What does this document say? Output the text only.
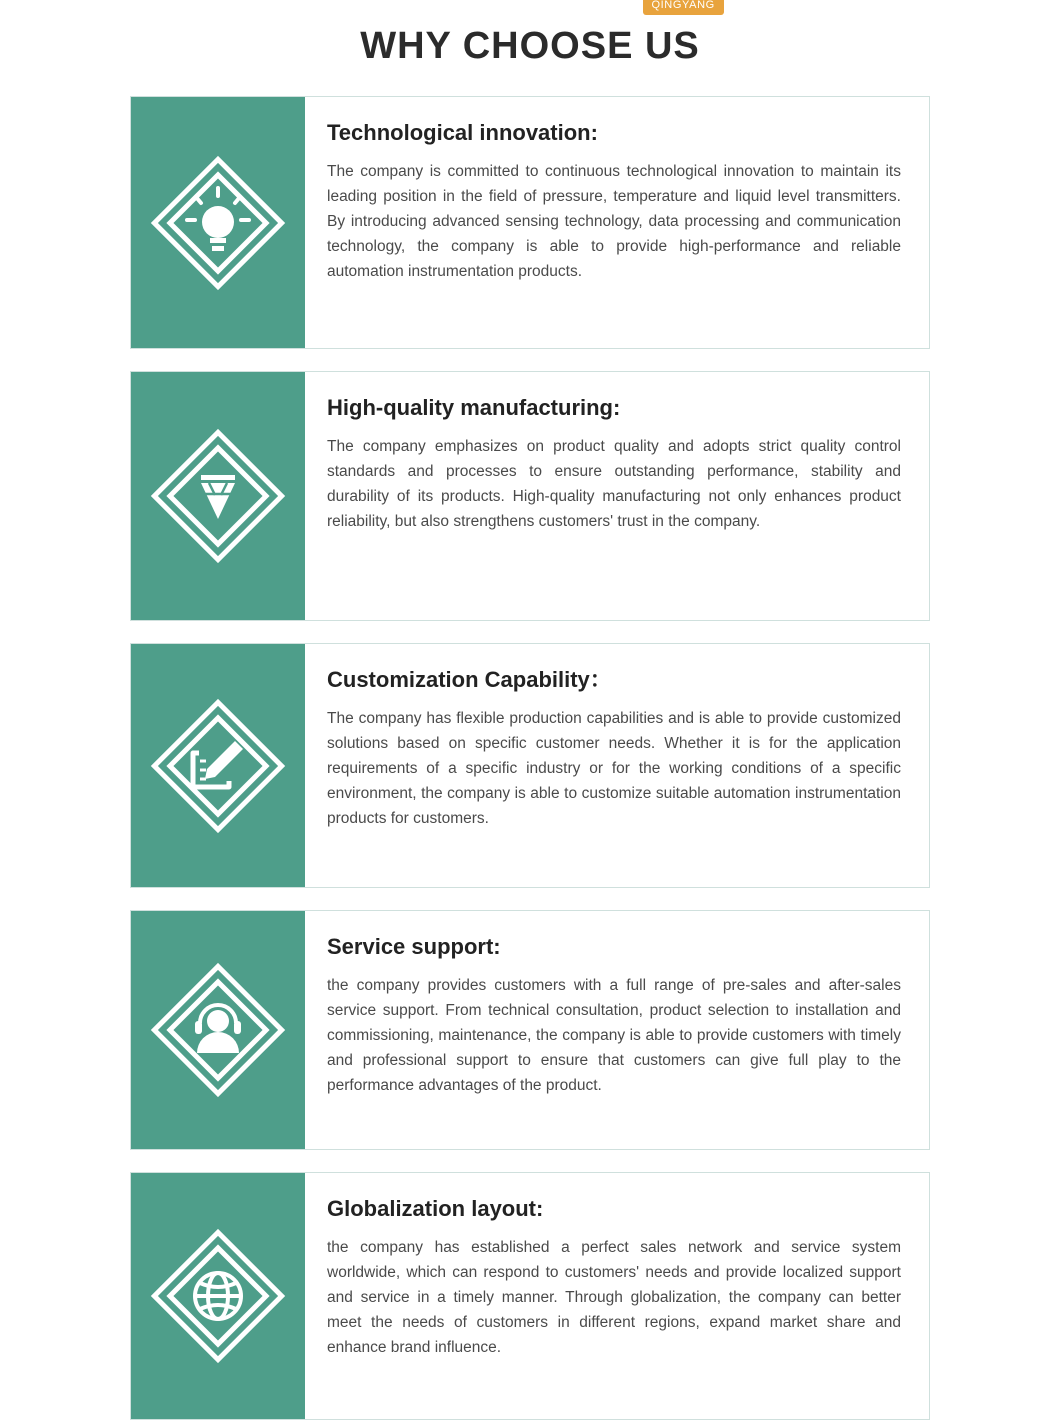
WHY CHOOSE US
QINGYANG
Technological innovation:

The company is committed to continuous technological innovation to maintain its leading position in the field of pressure, temperature and liquid level transmitters. By introducing advanced sensing technology, data processing and communication technology, the company is able to provide high-performance and reliable automation instrumentation products.

High-quality manufacturing:

The company emphasizes on product quality and adopts strict quality control standards and processes to ensure outstanding performance, stability and durability of its products. High-quality manufacturing not only enhances product reliability, but also strengthens customers' trust in the company.

Customization Capability：

The company has flexible production capabilities and is able to provide customized solutions based on specific customer needs. Whether it is for the application requirements of a specific industry or for the working conditions of a specific environment, the company is able to customize suitable automation instrumentation products for customers.

Service support:

the company provides customers with a full range of pre-sales and after-sales service support. From technical consultation, product selection to installation and commissioning, maintenance, the company is able to provide customers with timely and professional support to ensure that customers can give full play to the performance advantages of the product.

Globalization layout:

the company has established a perfect sales network and service system worldwide, which can respond to customers' needs and provide localized support and service in a timely manner. Through globalization, the company can better meet the needs of customers in different regions, expand market share and enhance brand influence.
